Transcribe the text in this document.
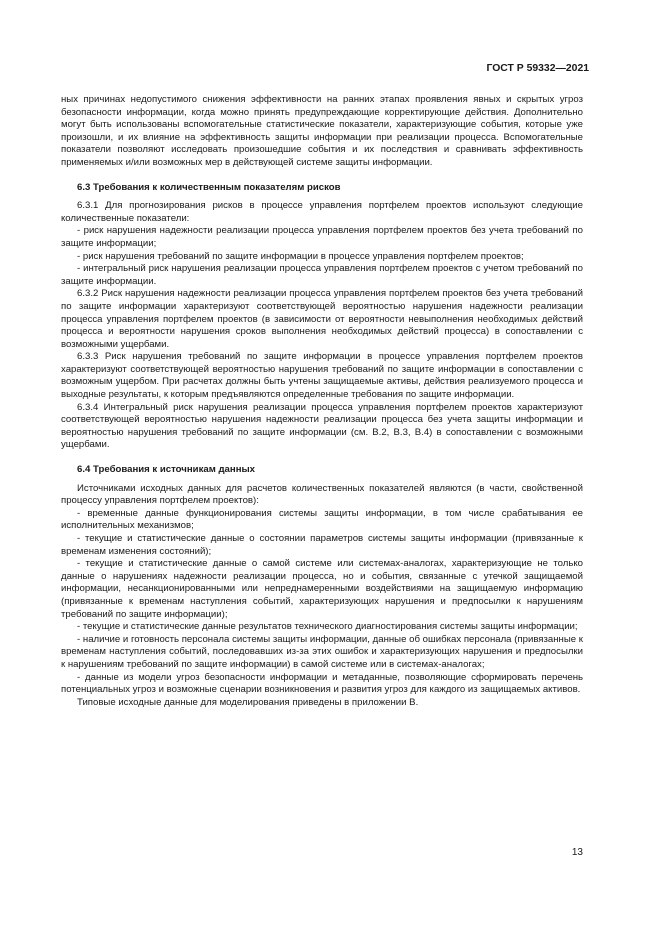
ГОСТ Р 59332—2021

ных причинах недопустимого снижения эффективности на ранних этапах проявления явных и скрытых угроз безопасности информации, когда можно принять предупреждающие корректирующие действия. Дополнительно могут быть использованы вспомогательные статистические показатели, характеризующие события, которые уже произошли, и их влияние на эффективность защиты информации при реализации процесса. Вспомогательные показатели позволяют исследовать произошедшие события и их последствия и сравнивать эффективность применяемых и/или возможных мер в действующей системе защиты информации.

6.3 Требования к количественным показателям рисков

6.3.1 Для прогнозирования рисков в процессе управления портфелем проектов используют следующие количественные показатели:

- риск нарушения надежности реализации процесса управления портфелем проектов без учета требований по защите информации;

- риск нарушения требований по защите информации в процессе управления портфелем проектов;

- интегральный риск нарушения реализации процесса управления портфелем проектов с учетом требований по защите информации.

6.3.2 Риск нарушения надежности реализации процесса управления портфелем проектов без учета требований по защите информации характеризуют соответствующей вероятностью нарушения надежности реализации процесса управления портфелем проектов (в зависимости от вероятности невыполнения необходимых действий процесса и вероятности нарушения сроков выполнения необходимых действий процесса) в сопоставлении с возможными ущербами.

6.3.3 Риск нарушения требований по защите информации в процессе управления портфелем проектов характеризуют соответствующей вероятностью нарушения требований по защите информации в сопоставлении с возможным ущербом. При расчетах должны быть учтены защищаемые активы, действия реализуемого процесса и выходные результаты, к которым предъявляются определенные требования по защите информации.

6.3.4 Интегральный риск нарушения реализации процесса управления портфелем проектов характеризуют соответствующей вероятностью нарушения надежности реализации процесса без учета защиты информации и вероятностью нарушения требований по защите информации (см. В.2, В.3, В.4) в сопоставлении с возможными ущербами.

6.4 Требования к источникам данных

Источниками исходных данных для расчетов количественных показателей являются (в части, свойственной процессу управления портфелем проектов):

- временные данные функционирования системы защиты информации, в том числе срабатывания ее исполнительных механизмов;

- текущие и статистические данные о состоянии параметров системы защиты информации (привязанные к временам изменения состояний);

- текущие и статистические данные о самой системе или системах-аналогах, характеризующие не только данные о нарушениях надежности реализации процесса, но и события, связанные с утечкой защищаемой информации, несанкционированными или непреднамеренными воздействиями на защищаемую информацию (привязанные к временам наступления событий, характеризующих нарушения и предпосылки к нарушениям требований по защите информации);

- текущие и статистические данные результатов технического диагностирования системы защиты информации;

- наличие и готовность персонала системы защиты информации, данные об ошибках персонала (привязанные к временам наступления событий, последовавших из-за этих ошибок и характеризующих нарушения и предпосылки к нарушениям требований по защите информации) в самой системе или в системах-аналогах;

- данные из модели угроз безопасности информации и метаданные, позволяющие сформировать перечень потенциальных угроз и возможные сценарии возникновения и развития угроз для каждого из защищаемых активов.

Типовые исходные данные для моделирования приведены в приложении В.

13
